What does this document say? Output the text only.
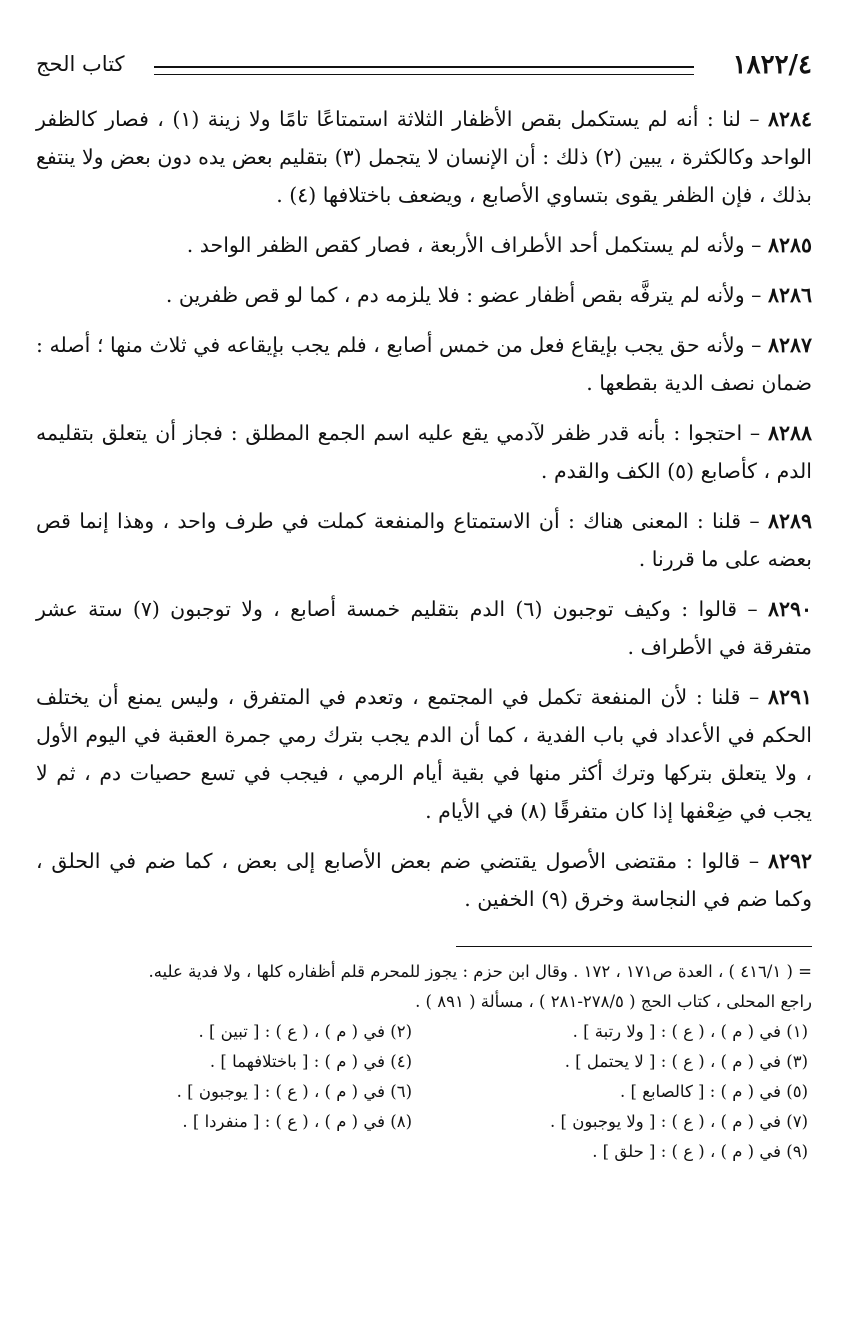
١٨٢٢/٤
كتاب الحج

٨٢٨٤ – لنا : أنه لم يستكمل بقص الأظفار الثلاثة استمتاعًا تامًا ولا زينة (١) ، فصار كالظفر الواحد وكالكثرة ، يبين (٢) ذلك : أن الإنسان لا يتجمل (٣) بتقليم بعض يده دون بعض ولا ينتفع بذلك ، فإن الظفر يقوى بتساوي الأصابع ، ويضعف باختلافها (٤) .

٨٢٨٥ – ولأنه لم يستكمل أحد الأطراف الأربعة ، فصار كقص الظفر الواحد .

٨٢٨٦ – ولأنه لم يترفَّه بقص أظفار عضو : فلا يلزمه دم ، كما لو قص ظفرين .

٨٢٨٧ – ولأنه حق يجب بإيقاع فعل من خمس أصابع ، فلم يجب بإيقاعه في ثلاث منها ؛ أصله : ضمان نصف الدية بقطعها .

٨٢٨٨ – احتجوا : بأنه قدر ظفر لآدمي يقع عليه اسم الجمع المطلق : فجاز أن يتعلق بتقليمه الدم ، كأصابع (٥) الكف والقدم .

٨٢٨٩ – قلنا : المعنى هناك : أن الاستمتاع والمنفعة كملت في طرف واحد ، وهذا إنما قص بعضه على ما قررنا .

٨٢٩٠ – قالوا : وكيف توجبون (٦) الدم بتقليم خمسة أصابع ، ولا توجبون (٧) ستة عشر متفرقة في الأطراف .

٨٢٩١ – قلنا : لأن المنفعة تكمل في المجتمع ، وتعدم في المتفرق ، وليس يمنع أن يختلف الحكم في الأعداد في باب الفدية ، كما أن الدم يجب بترك رمي جمرة العقبة في اليوم الأول ، ولا يتعلق بتركها وترك أكثر منها في بقية أيام الرمي ، فيجب في تسع حصيات دم ، ثم لا يجب في ضِعْفها إذا كان متفرقًا (٨) في الأيام .

٨٢٩٢ – قالوا : مقتضى الأصول يقتضي ضم بعض الأصابع إلى بعض ، كما ضم في الحلق ، وكما ضم في النجاسة وخرق (٩) الخفين .

= ( ٤١٦/١ ) ، العدة ص١٧١ ، ١٧٢ . وقال ابن حزم : يجوز للمحرم قلم أظفاره كلها ، ولا فدية عليه.

راجع المحلى ، كتاب الحج ( ٢٧٨/٥-٢٨١ ) ، مسألة ( ٨٩١ ) .

(١) في ( م ) ، ( ع ) : [ ولا رتبة ] .
(٢) في ( م ) ، ( ع ) : [ تبين ] .
(٣) في ( م ) ، ( ع ) : [ لا يحتمل ] .
(٤) في ( م ) : [ باختلافهما ] .
(٥) في ( م ) : [ كالصابع ] .
(٦) في ( م ) ، ( ع ) : [ يوجبون ] .
(٧) في ( م ) ، ( ع ) : [ ولا يوجبون ] .
(٨) في ( م ) ، ( ع ) : [ منفردا ] .
(٩) في ( م ) ، ( ع ) : [ حلق ] .
